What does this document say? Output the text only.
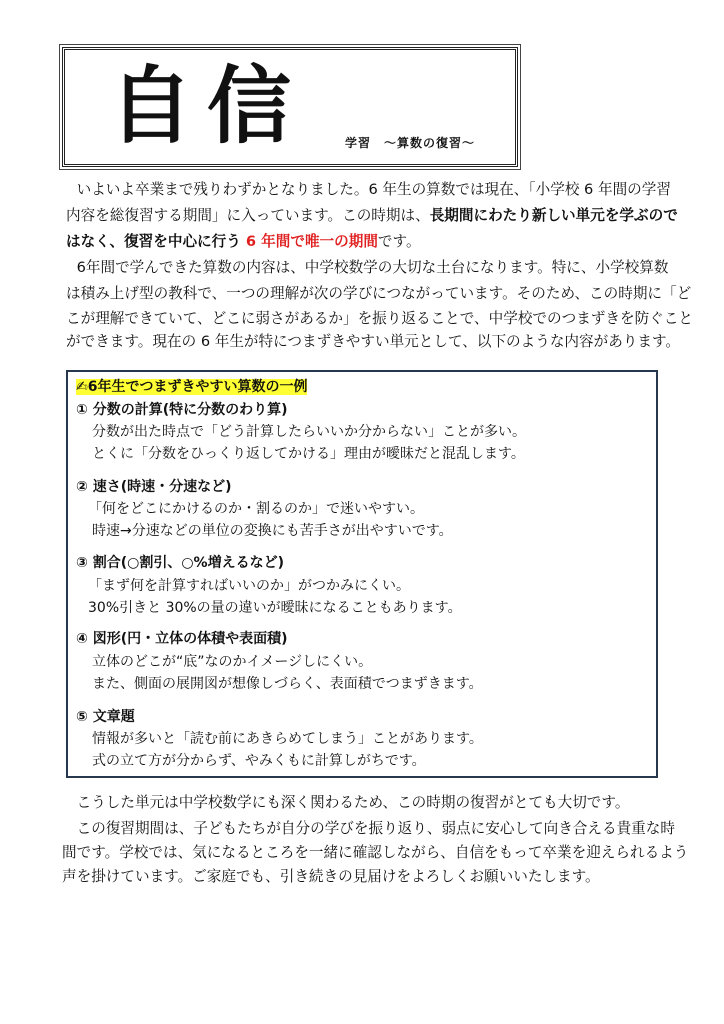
自信	学習　～算数の復習～
　いよいよ卒業まで残りわずかとなりました。6 年生の算数では現在、「小学校 6 年間の学習
内容を総復習する期間」に入っています。この時期は、長期間にわたり新しい単元を学ぶので
はなく、復習を中心に行う 6 年間で唯一の期間です。
　6年間で学んできた算数の内容は、中学校数学の大切な土台になります。特に、小学校算数
は積み上げ型の教科で、一つの理解が次の学びにつながっています。そのため、この時期に「ど
こが理解できていて、どこに弱さがあるか」を振り返ることで、中学校でのつまずきを防ぐこと
ができます。現在の 6 年生が特につまずきやすい単元として、以下のような内容があります。
✍6年生でつまずきやすい算数の一例
① 分数の計算(特に分数のわり算)
分数が出た時点で「どう計算したらいいか分からない」ことが多い。
とくに「分数をひっくり返してかける」理由が曖昧だと混乱します。
② 速さ(時速・分速など)
「何をどこにかけるのか・割るのか」で迷いやすい。
時速→分速などの単位の変換にも苦手さが出やすいです。
③ 割合(○割引、○%増えるなど)
「まず何を計算すればいいのか」がつかみにくい。
30%引きと 30%の量の違いが曖昧になることもあります。
④ 図形(円・立体の体積や表面積)
立体のどこが“底”なのかイメージしにくい。
また、側面の展開図が想像しづらく、表面積でつまずきます。
⑤ 文章題
情報が多いと「読む前にあきらめてしまう」ことがあります。
式の立て方が分からず、やみくもに計算しがちです。
　こうした単元は中学校数学にも深く関わるため、この時期の復習がとても大切です。
　この復習期間は、子どもたちが自分の学びを振り返り、弱点に安心して向き合える貴重な時
間です。学校では、気になるところを一緒に確認しながら、自信をもって卒業を迎えられるよう
声を掛けています。ご家庭でも、引き続きの見届けをよろしくお願いいたします。
